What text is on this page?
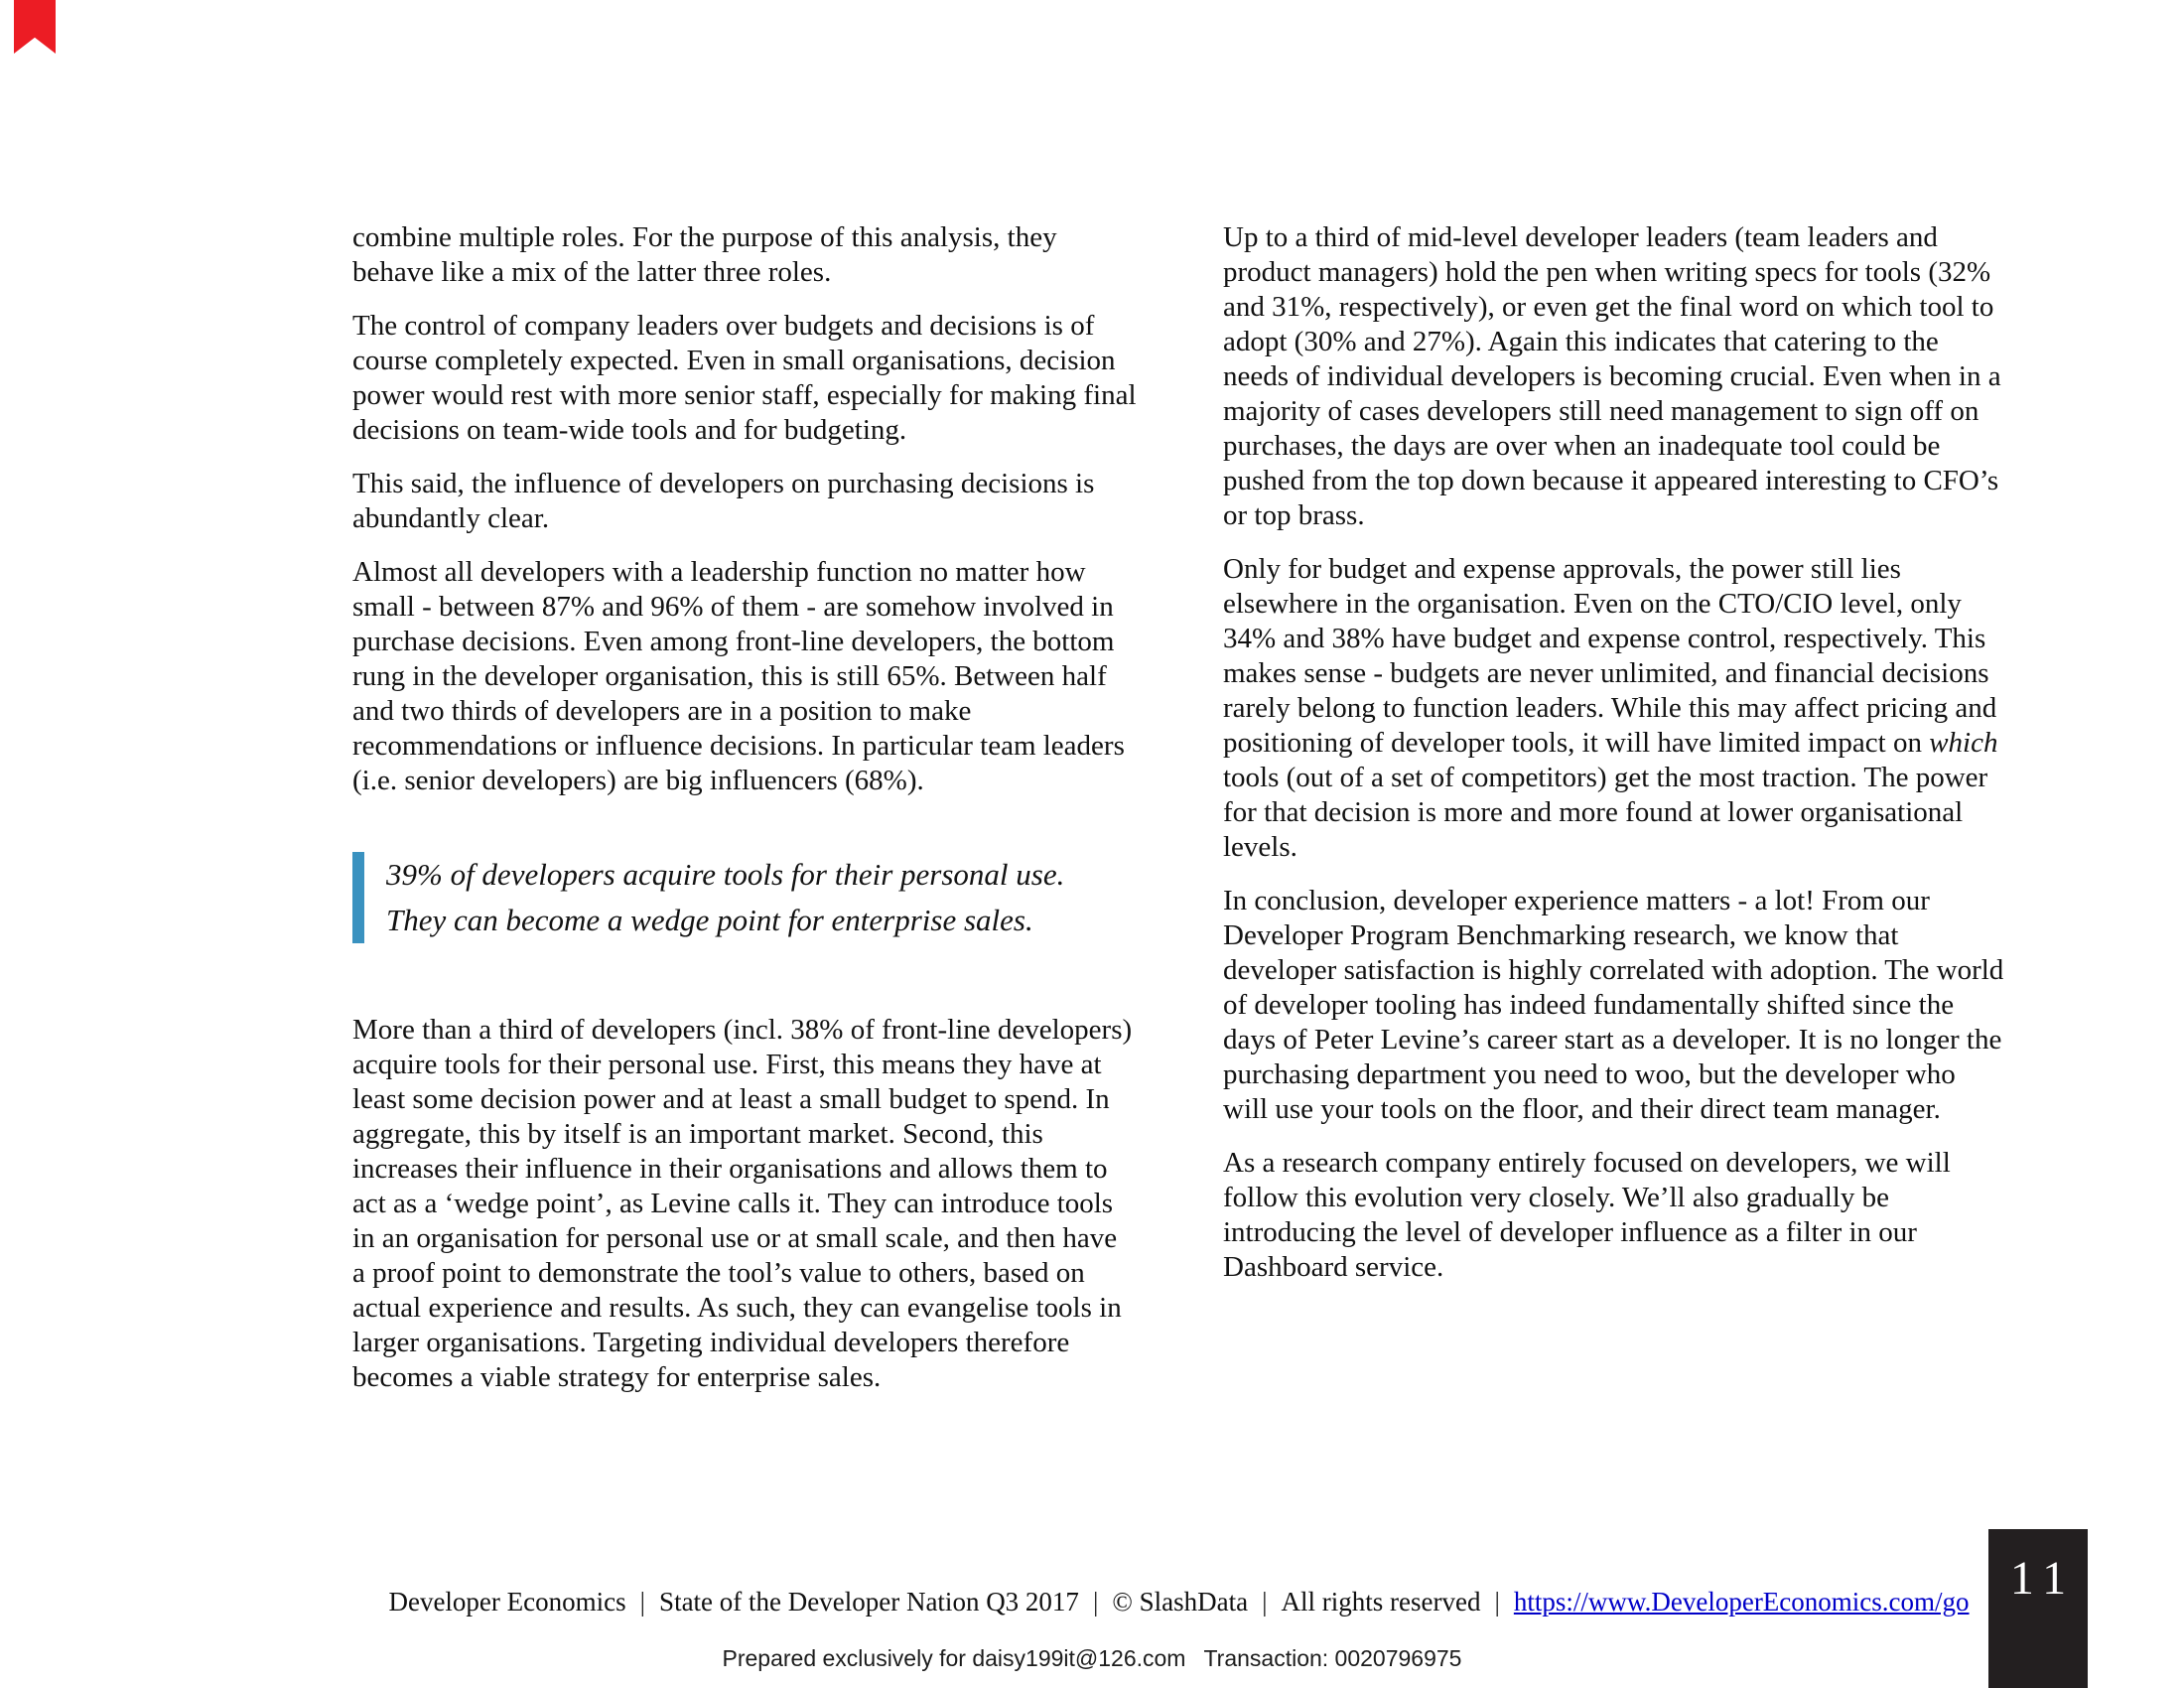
combine multiple roles. For the purpose of this analysis, they behave like a mix of the latter three roles.

The control of company leaders over budgets and decisions is of course completely expected. Even in small organisations, decision power would rest with more senior staff, especially for making final decisions on team-wide tools and for budgeting.

This said, the influence of developers on purchasing decisions is abundantly clear.

Almost all developers with a leadership function no matter how small - between 87% and 96% of them - are somehow involved in purchase decisions. Even among front-line developers, the bottom rung in the developer organisation, this is still 65%. Between half and two thirds of developers are in a position to make recommendations or influence decisions. In particular team leaders (i.e. senior developers) are big influencers (68%).

39% of developers acquire tools for their personal use.
They can become a wedge point for enterprise sales.

More than a third of developers (incl. 38% of front-line developers) acquire tools for their personal use. First, this means they have at least some decision power and at least a small budget to spend. In aggregate, this by itself is an important market. Second, this increases their influence in their organisations and allows them to act as a ‘wedge point’, as Levine calls it. They can introduce tools in an organisation for personal use or at small scale, and then have a proof point to demonstrate the tool’s value to others, based on actual experience and results. As such, they can evangelise tools in larger organisations. Targeting individual developers therefore becomes a viable strategy for enterprise sales.

Up to a third of mid-level developer leaders (team leaders and product managers) hold the pen when writing specs for tools (32% and 31%, respectively), or even get the final word on which tool to adopt (30% and 27%). Again this indicates that catering to the needs of individual developers is becoming crucial. Even when in a majority of cases developers still need management to sign off on purchases, the days are over when an inadequate tool could be pushed from the top down because it appeared interesting to CFO’s or top brass.

Only for budget and expense approvals, the power still lies elsewhere in the organisation. Even on the CTO/CIO level, only 34% and 38% have budget and expense control, respectively. This makes sense - budgets are never unlimited, and financial decisions rarely belong to function leaders. While this may affect pricing and positioning of developer tools, it will have limited impact on which tools (out of a set of competitors) get the most traction. The power for that decision is more and more found at lower organisational levels.

In conclusion, developer experience matters - a lot! From our Developer Program Benchmarking research, we know that developer satisfaction is highly correlated with adoption. The world of developer tooling has indeed fundamentally shifted since the days of Peter Levine’s career start as a developer. It is no longer the purchasing department you need to woo, but the developer who will use your tools on the floor, and their direct team manager.

As a research company entirely focused on developers, we will follow this evolution very closely. We’ll also gradually be introducing the level of developer influence as a filter in our Dashboard service.

Developer Economics | State of the Developer Nation Q3 2017 | © SlashData | All rights reserved | https://www.DeveloperEconomics.com/go
Prepared exclusively for daisy199it@126.com Transaction: 0020796975
11
